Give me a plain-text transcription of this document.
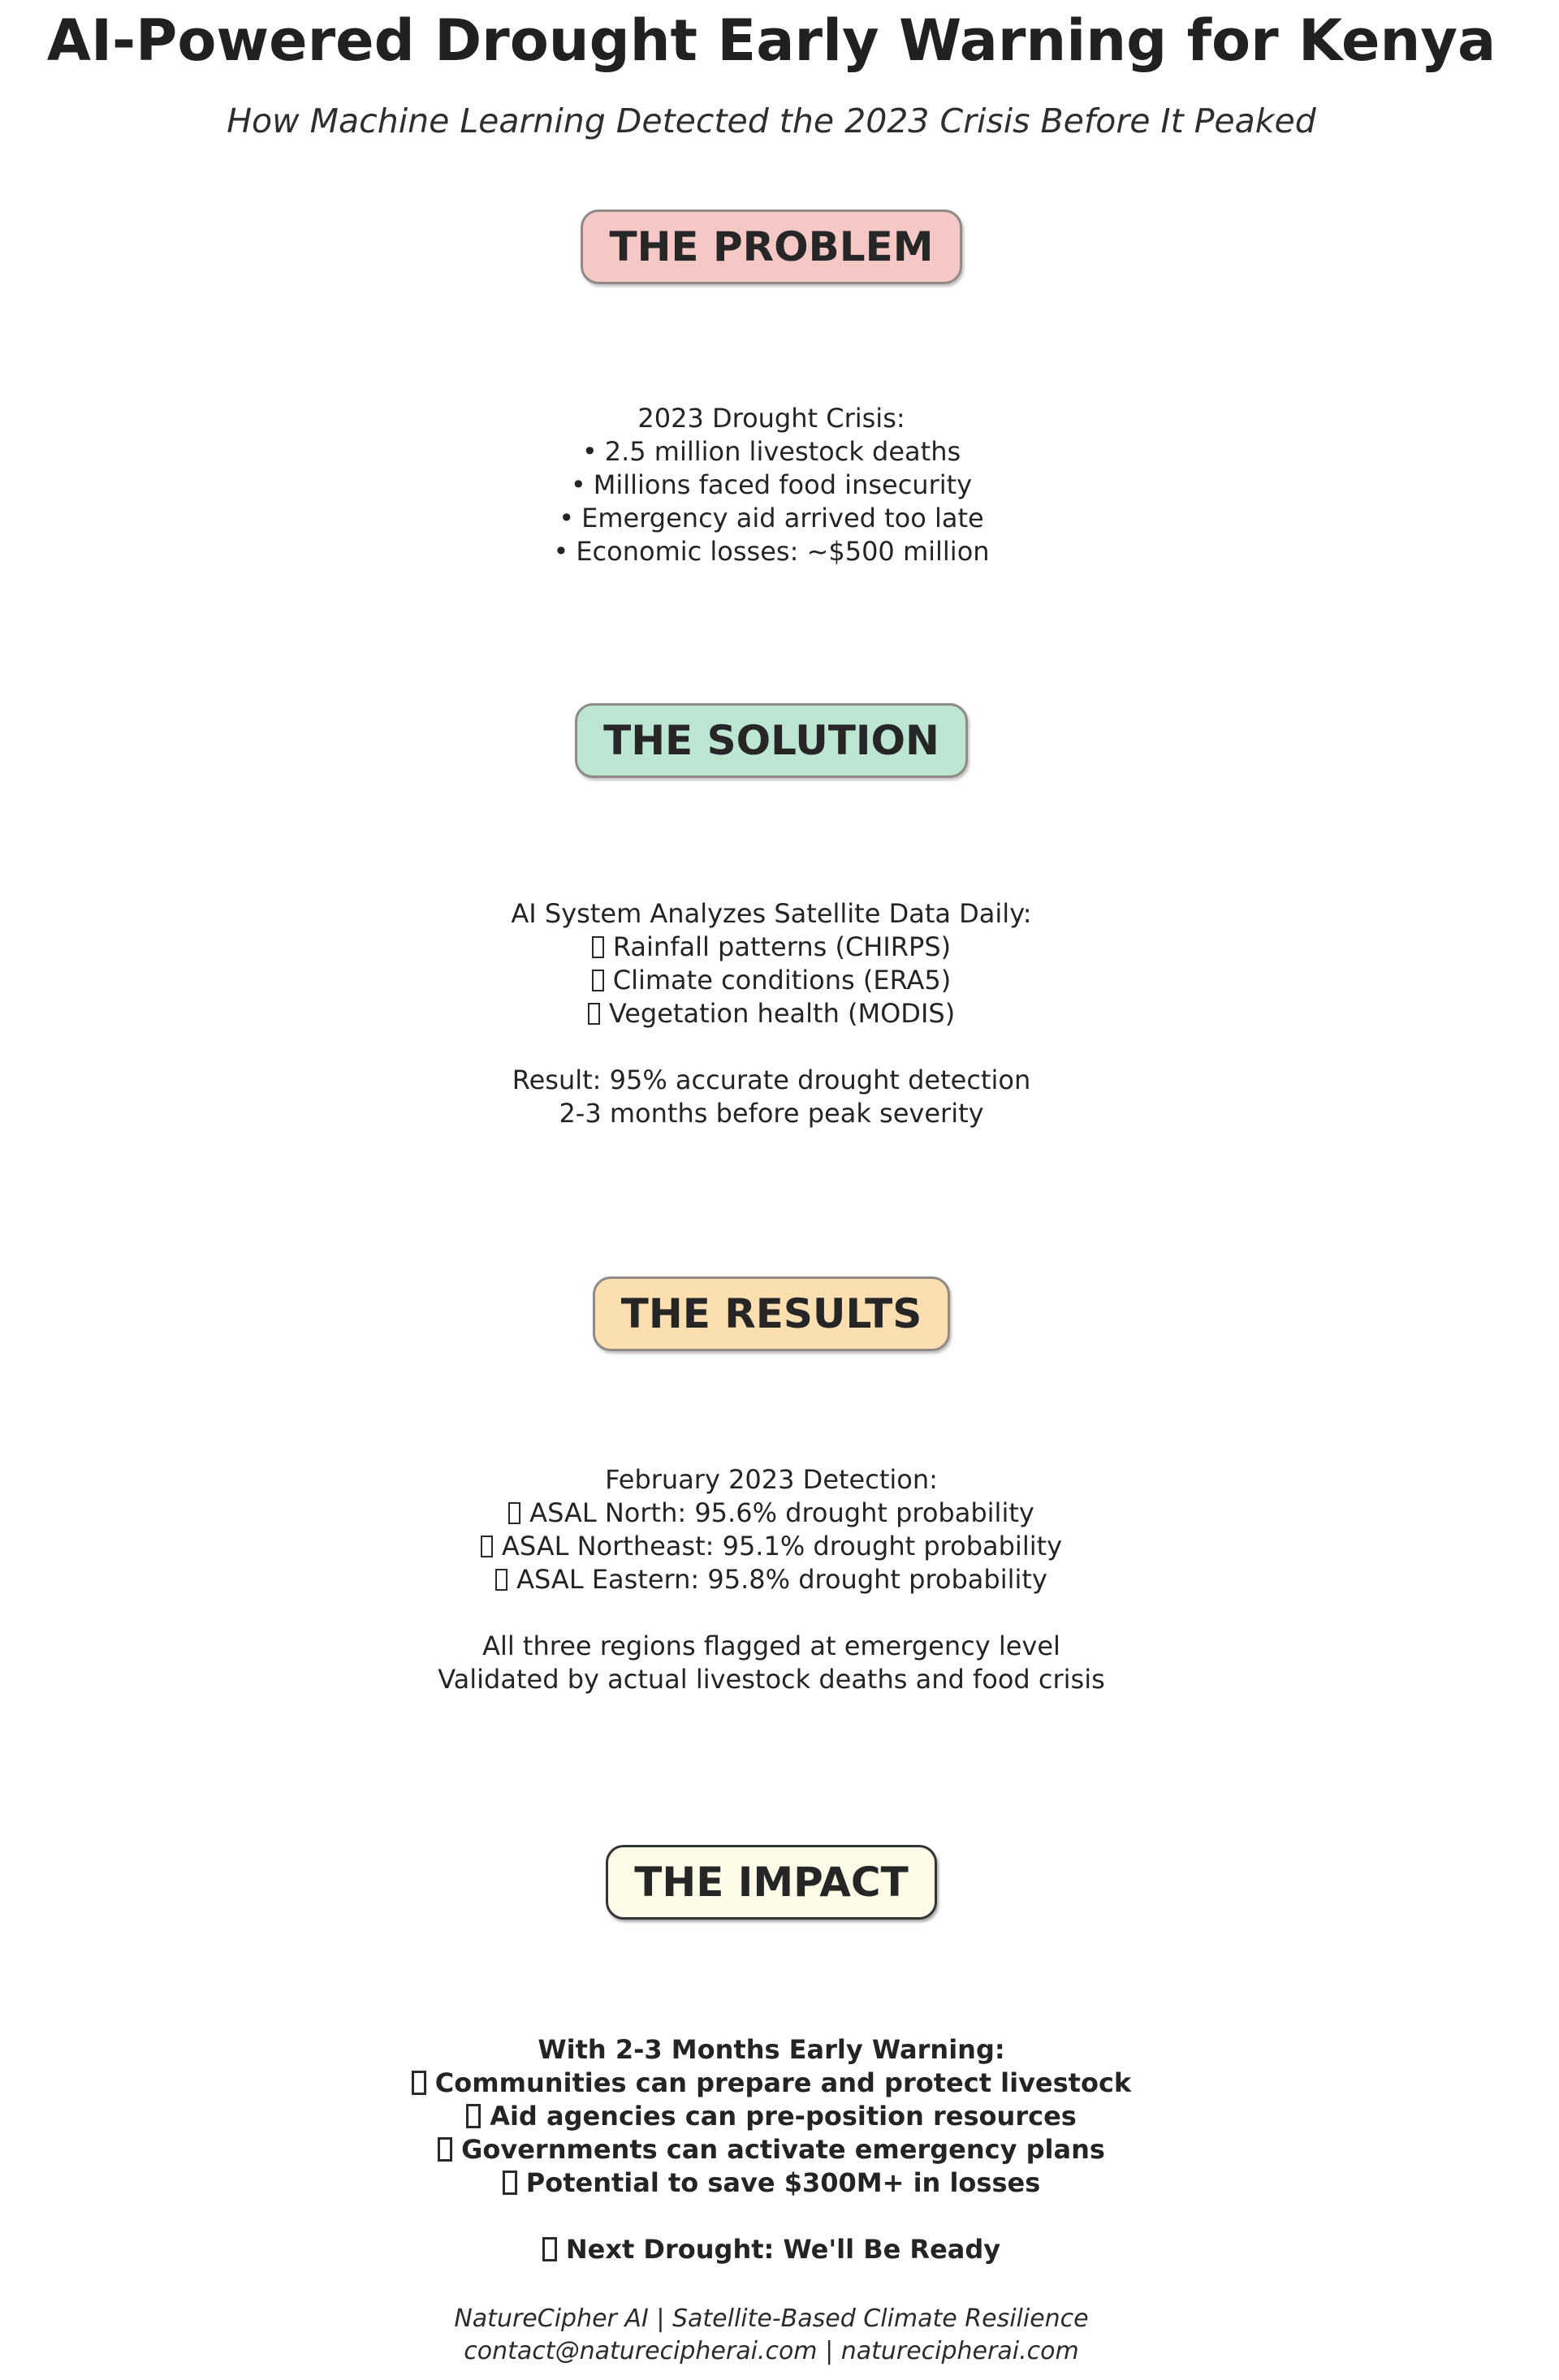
AI-Powered Drought Early Warning for Kenya
How Machine Learning Detected the 2023 Crisis Before It Peaked
THE PROBLEM
2023 Drought Crisis:
• 2.5 million livestock deaths
• Millions faced food insecurity
• Emergency aid arrived too late
• Economic losses: ~$500 million
THE SOLUTION
AI System Analyzes Satellite Data Daily:
Rainfall patterns (CHIRPS)
Climate conditions (ERA5)
Vegetation health (MODIS)
Result: 95% accurate drought detection
2-3 months before peak severity
THE RESULTS
February 2023 Detection:
ASAL North: 95.6% drought probability
ASAL Northeast: 95.1% drought probability
ASAL Eastern: 95.8% drought probability
All three regions flagged at emergency level
Validated by actual livestock deaths and food crisis
THE IMPACT
With 2-3 Months Early Warning:
Communities can prepare and protect livestock
Aid agencies can pre-position resources
Governments can activate emergency plans
Potential to save $300M+ in losses
Next Drought: We'll Be Ready
NatureCipher AI | Satellite-Based Climate Resilience
contact@naturecipherai.com | naturecipherai.com
